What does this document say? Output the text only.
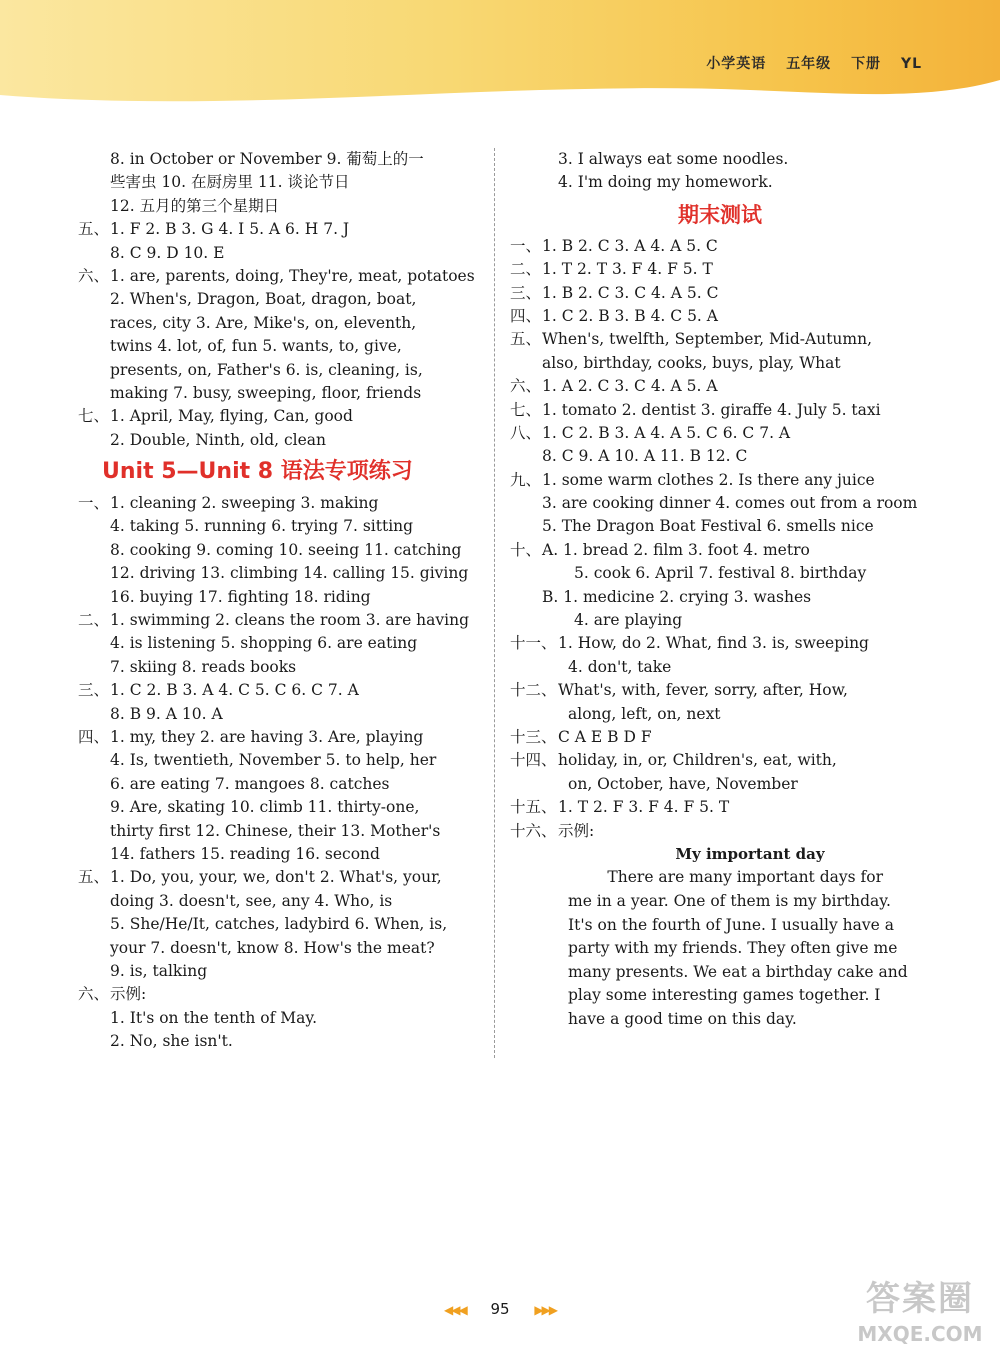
小学英语 五年级 下册 YL
8. in October or November 9. 葡萄上的一
些害虫 10. 在厨房里 11. 谈论节日
12. 五月的第三个星期日
五、1. F 2. B 3. G 4. I 5. A 6. H 7. J
8. C 9. D 10. E
六、1. are, parents, doing, They're, meat, potatoes
2. When's, Dragon, Boat, dragon, boat,
races, city 3. Are, Mike's, on, eleventh,
twins 4. lot, of, fun 5. wants, to, give,
presents, on, Father's 6. is, cleaning, is,
making 7. busy, sweeping, floor, friends
七、1. April, May, flying, Can, good
2. Double, Ninth, old, clean
Unit 5—Unit 8 语法专项练习
一、1. cleaning 2. sweeping 3. making
4. taking 5. running 6. trying 7. sitting
8. cooking 9. coming 10. seeing 11. catching
12. driving 13. climbing 14. calling 15. giving
16. buying 17. fighting 18. riding
二、1. swimming 2. cleans the room 3. are having
4. is listening 5. shopping 6. are eating
7. skiing 8. reads books
三、1. C 2. B 3. A 4. C 5. C 6. C 7. A
8. B 9. A 10. A
四、1. my, they 2. are having 3. Are, playing
4. Is, twentieth, November 5. to help, her
6. are eating 7. mangoes 8. catches
9. Are, skating 10. climb 11. thirty-one,
thirty first 12. Chinese, their 13. Mother's
14. fathers 15. reading 16. second
五、1. Do, you, your, we, don't 2. What's, your,
doing 3. doesn't, see, any 4. Who, is
5. She/He/It, catches, ladybird 6. When, is,
your 7. doesn't, know 8. How's the meat?
9. is, talking
六、示例:
1. It's on the tenth of May.
2. No, she isn't.
3. I always eat some noodles.
4. I'm doing my homework.
期末测试
一、1. B 2. C 3. A 4. A 5. C
二、1. T 2. T 3. F 4. F 5. T
三、1. B 2. C 3. C 4. A 5. C
四、1. C 2. B 3. B 4. C 5. A
五、When's, twelfth, September, Mid-Autumn,
also, birthday, cooks, buys, play, What
六、1. A 2. C 3. C 4. A 5. A
七、1. tomato 2. dentist 3. giraffe 4. July 5. taxi
八、1. C 2. B 3. A 4. A 5. C 6. C 7. A
8. C 9. A 10. A 11. B 12. C
九、1. some warm clothes 2. Is there any juice
3. are cooking dinner 4. comes out from a room
5. The Dragon Boat Festival 6. smells nice
十、A. 1. bread 2. film 3. foot 4. metro
5. cook 6. April 7. festival 8. birthday
B. 1. medicine 2. crying 3. washes
4. are playing
十一、1. How, do 2. What, find 3. is, sweeping
4. don't, take
十二、What's, with, fever, sorry, after, How,
along, left, on, next
十三、C A E B D F
十四、holiday, in, or, Children's, eat, with,
on, October, have, November
十五、1. T 2. F 3. F 4. F 5. T
十六、示例:
My important day
There are many important days for
me in a year. One of them is my birthday.
It's on the fourth of June. I usually have a
party with my friends. They often give me
many presents. We eat a birthday cake and
play some interesting games together. I
have a good time on this day.
◀◀◀ 95 ▶▶▶	答案圈
MXQE.COM
